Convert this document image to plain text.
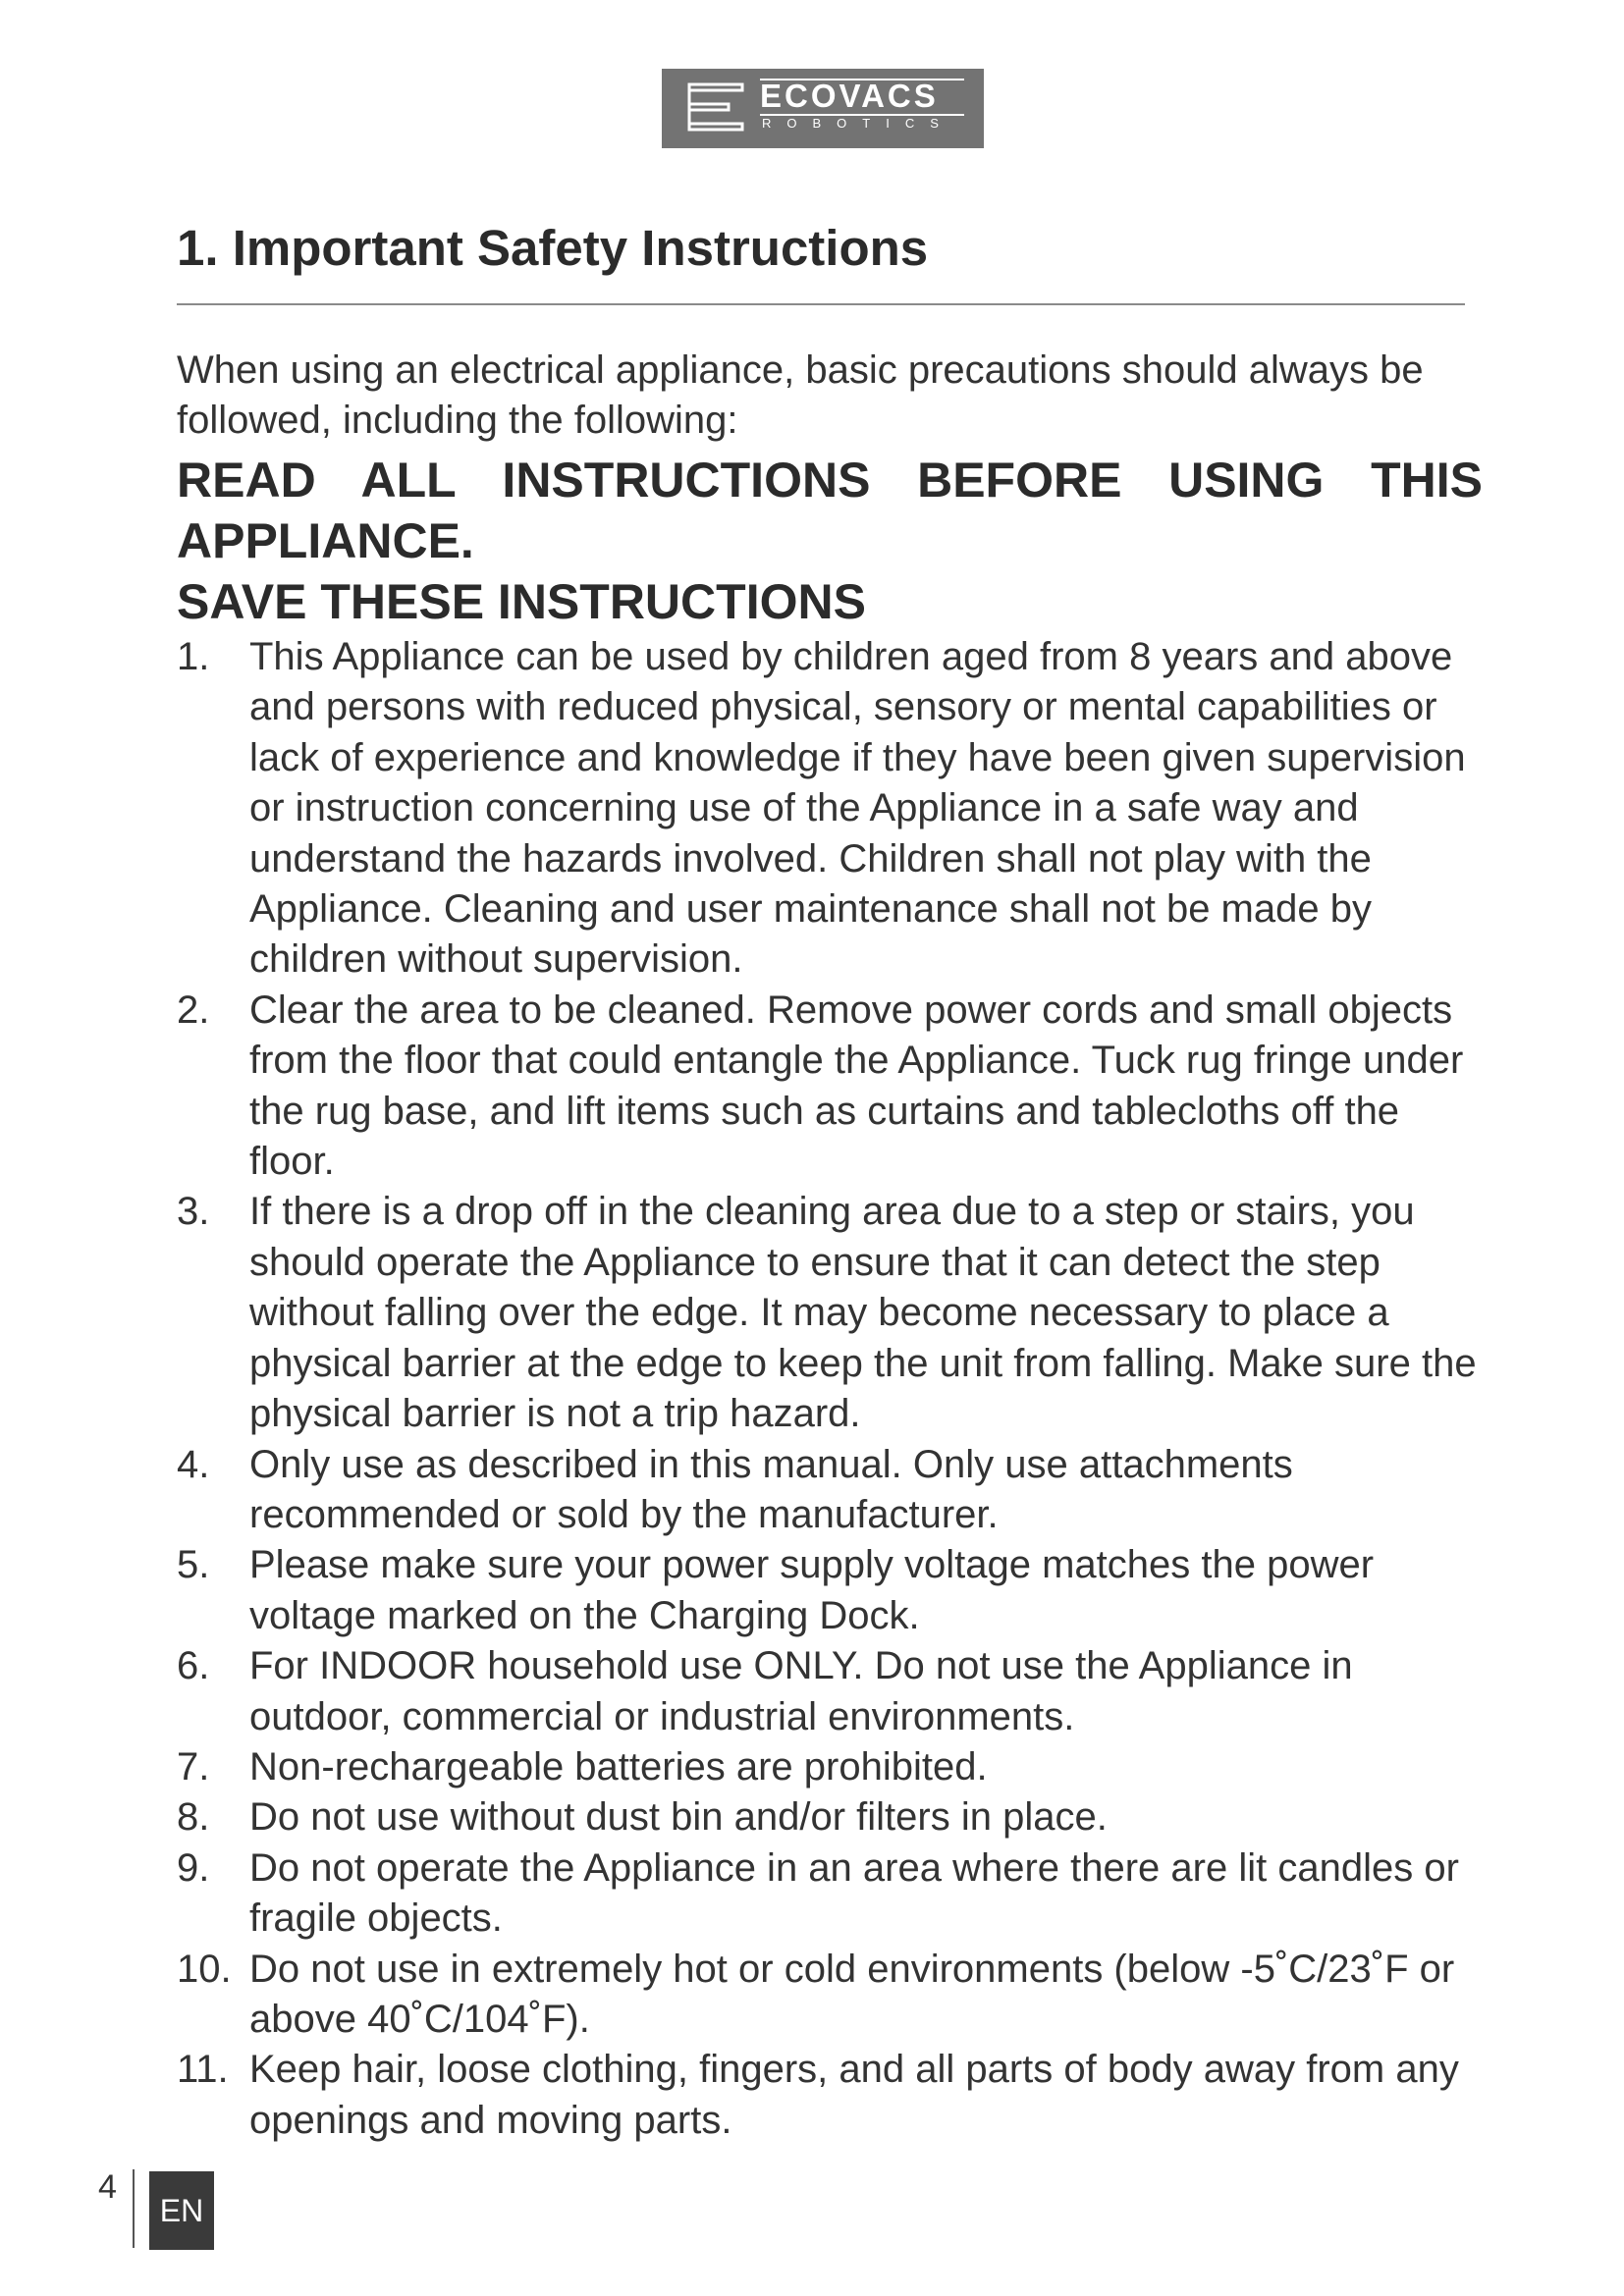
ECOVACS
ROBOTICS
1. Important Safety Instructions

When using an electrical appliance, basic precautions should always be followed, including the following:

READ ALL INSTRUCTIONS BEFORE USING THIS APPLIANCE.

SAVE THESE INSTRUCTIONS

1.	This Appliance can be used by children aged from 8 years and above and persons with reduced physical, sensory or mental capabilities or lack of experience and knowledge if they have been given supervision or instruction concerning use of the Appliance in a safe way and understand the hazards involved. Children shall not play with the Appliance. Cleaning and user maintenance shall not be made by children without supervision.
2.	Clear the area to be cleaned. Remove power cords and small objects from the floor that could entangle the Appliance. Tuck rug fringe under the rug base, and lift items such as curtains and tablecloths off the floor.
3.	If there is a drop off in the cleaning area due to a step or stairs, you should operate the Appliance to ensure that it can detect the step without falling over the edge. It may become necessary to place a physical barrier at the edge to keep the unit from falling. Make sure the physical barrier is not a trip hazard.
4.	Only use as described in this manual. Only use attachments recommended or sold by the manufacturer.
5.	Please make sure your power supply voltage matches the power voltage marked on the Charging Dock.
6.	For INDOOR household use ONLY. Do not use the Appliance in outdoor, commercial or industrial environments.
7.	Non-rechargeable batteries are prohibited.
8.	Do not use without dust bin and/or filters in place.
9.	Do not operate the Appliance in an area where there are lit candles or fragile objects.
10. Do not use in extremely hot or cold environments (below -5˚C/23˚F or above 40˚C/104˚F).
11. Keep hair, loose clothing, fingers, and all parts of body away from any openings and moving parts.
4
EN
